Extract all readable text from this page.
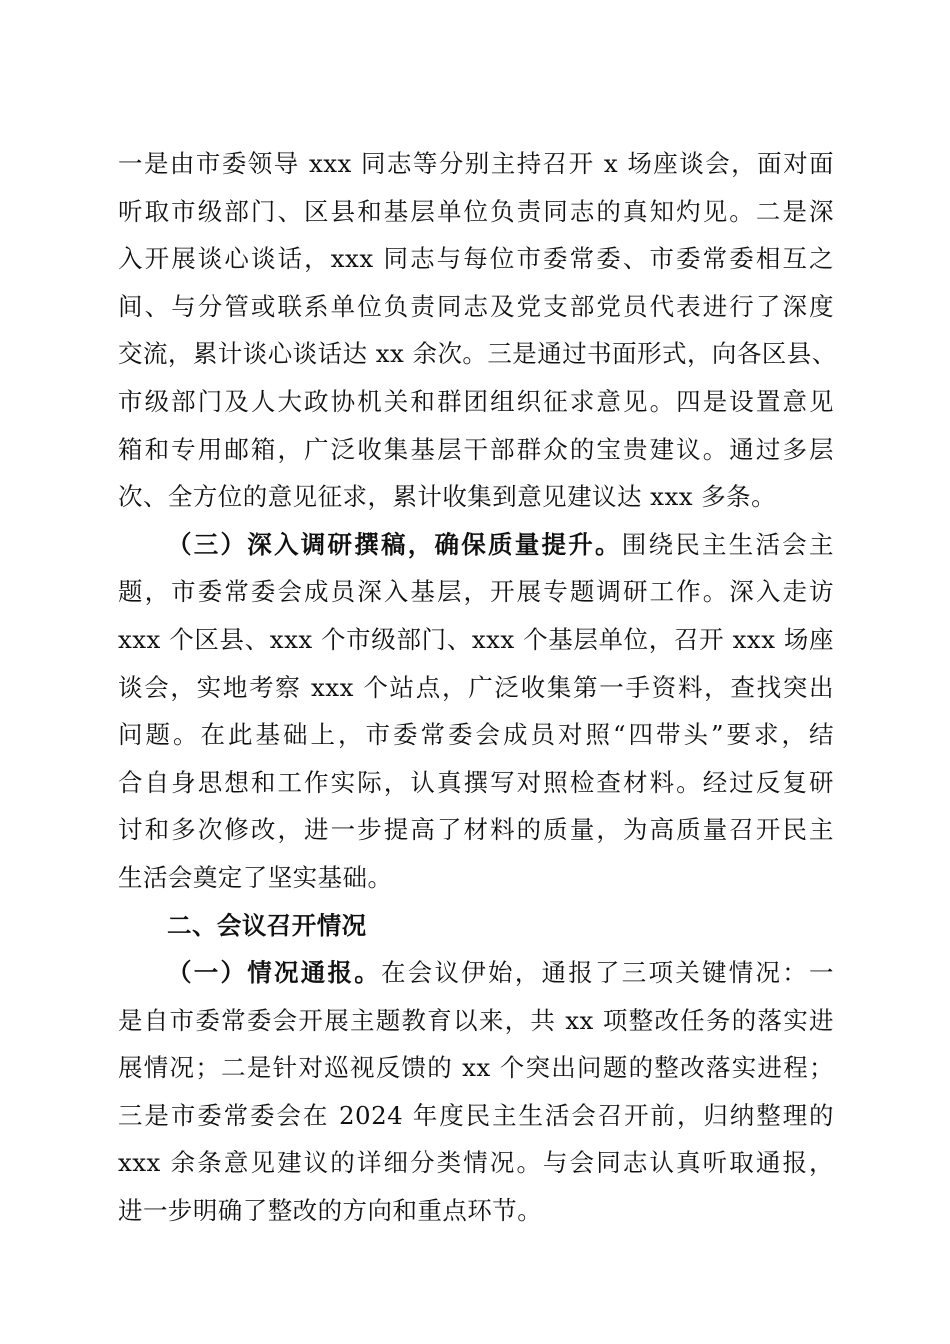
一是由市委领导 xxx 同志等分别主持召开 x 场座谈会，面对面
听取市级部门、区县和基层单位负责同志的真知灼见。二是深
入开展谈心谈话，xxx 同志与每位市委常委、市委常委相互之
间、与分管或联系单位负责同志及党支部党员代表进行了深度
交流，累计谈心谈话达 xx 余次。三是通过书面形式，向各区县、
市级部门及人大政协机关和群团组织征求意见。四是设置意见
箱和专用邮箱，广泛收集基层干部群众的宝贵建议。通过多层
次、全方位的意见征求，累计收集到意见建议达 xxx 多条。
（三）深入调研撰稿，确保质量提升。围绕民主生活会主
题，市委常委会成员深入基层，开展专题调研工作。深入走访
xxx 个区县、xxx 个市级部门、xxx 个基层单位，召开 xxx 场座
谈会，实地考察 xxx 个站点，广泛收集第一手资料，查找突出
问题。在此基础上，市委常委会成员对照“四带头”要求，结
合自身思想和工作实际，认真撰写对照检查材料。经过反复研
讨和多次修改，进一步提高了材料的质量，为高质量召开民主
生活会奠定了坚实基础。
二、会议召开情况
（一）情况通报。在会议伊始，通报了三项关键情况：一
是自市委常委会开展主题教育以来，共 xx 项整改任务的落实进
展情况；二是针对巡视反馈的 xx 个突出问题的整改落实进程；
三是市委常委会在 2024 年度民主生活会召开前，归纳整理的
xxx 余条意见建议的详细分类情况。与会同志认真听取通报，
进一步明确了整改的方向和重点环节。
